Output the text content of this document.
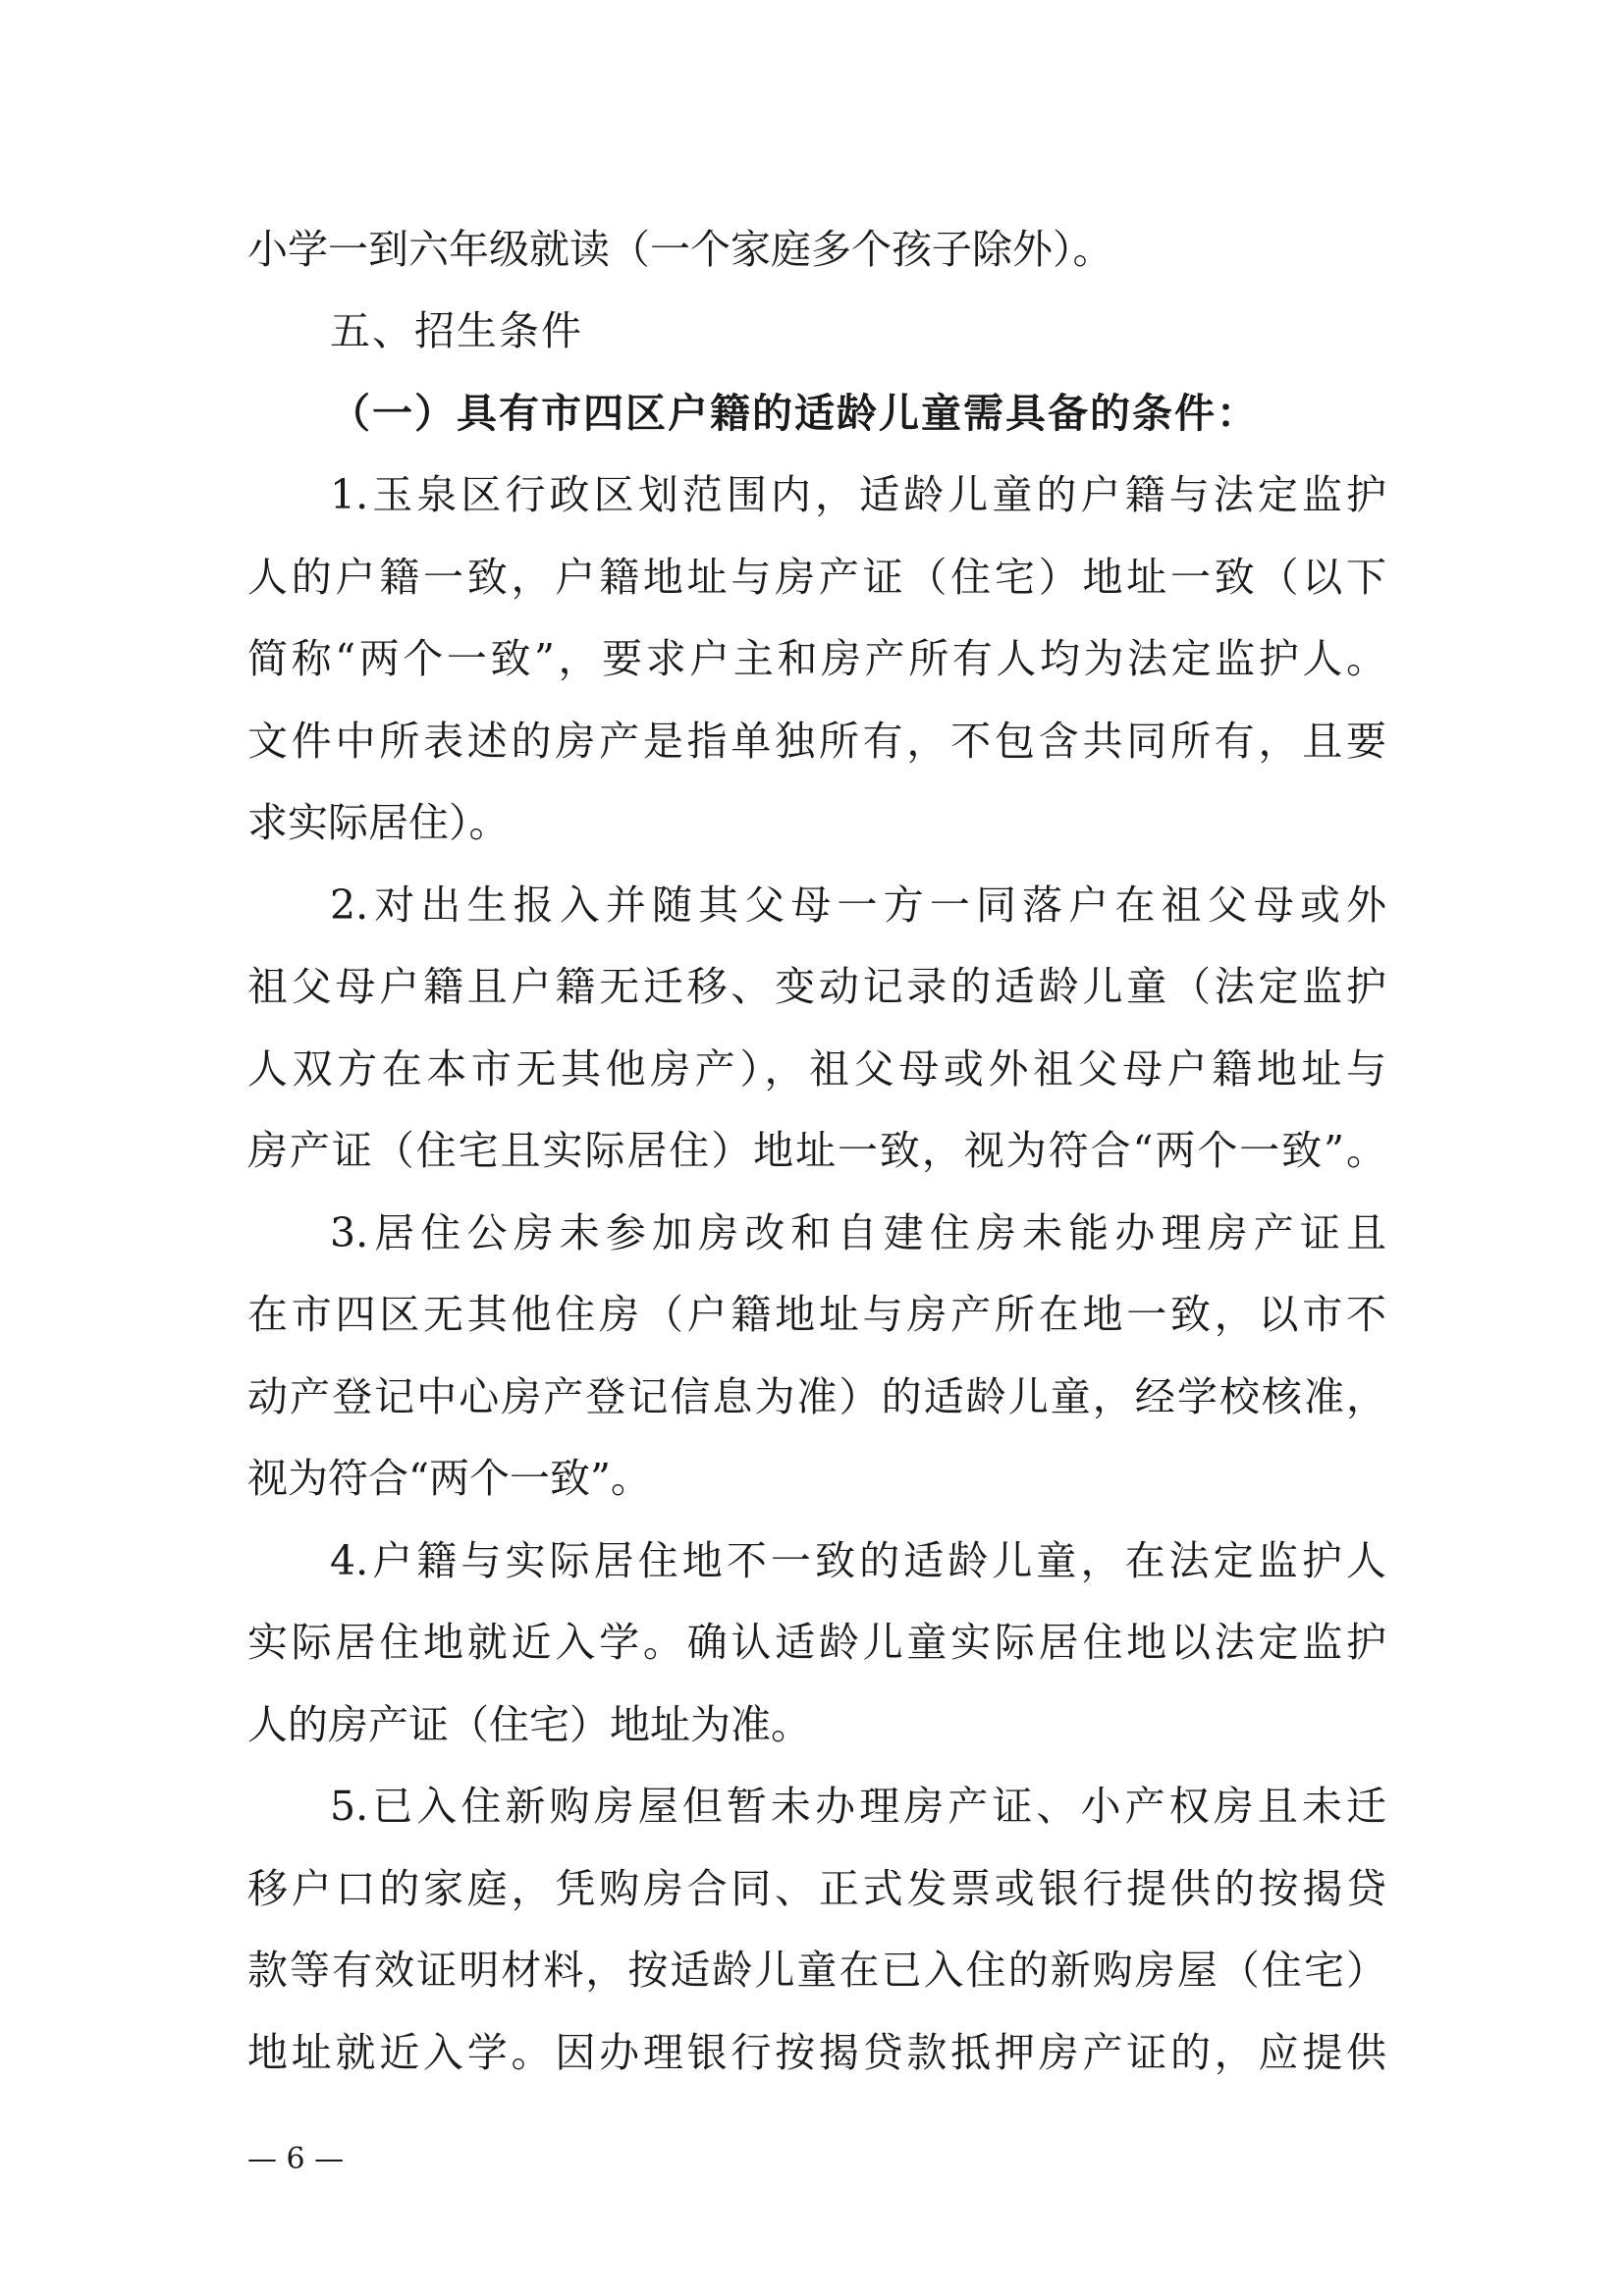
小学一到六年级就读（一个家庭多个孩子除外）。
五、招生条件
（一）具有市四区户籍的适龄儿童需具备的条件：
1.玉泉区行政区划范围内，适龄儿童的户籍与法定监护
人的户籍一致，户籍地址与房产证（住宅）地址一致（以下
简称“两个一致”，要求户主和房产所有人均为法定监护人。
文件中所表述的房产是指单独所有，不包含共同所有，且要
求实际居住）。
2.对出生报入并随其父母一方一同落户在祖父母或外
祖父母户籍且户籍无迁移、变动记录的适龄儿童（法定监护
人双方在本市无其他房产），祖父母或外祖父母户籍地址与
房产证（住宅且实际居住）地址一致，视为符合“两个一致”。
3.居住公房未参加房改和自建住房未能办理房产证且
在市四区无其他住房（户籍地址与房产所在地一致，以市不
动产登记中心房产登记信息为准）的适龄儿童，经学校核准，
视为符合“两个一致”。
4.户籍与实际居住地不一致的适龄儿童，在法定监护人
实际居住地就近入学。确认适龄儿童实际居住地以法定监护
人的房产证（住宅）地址为准。
5.已入住新购房屋但暂未办理房产证、小产权房且未迁
移户口的家庭，凭购房合同、正式发票或银行提供的按揭贷
款等有效证明材料，按适龄儿童在已入住的新购房屋（住宅）
地址就近入学。因办理银行按揭贷款抵押房产证的，应提供
— 6 —
